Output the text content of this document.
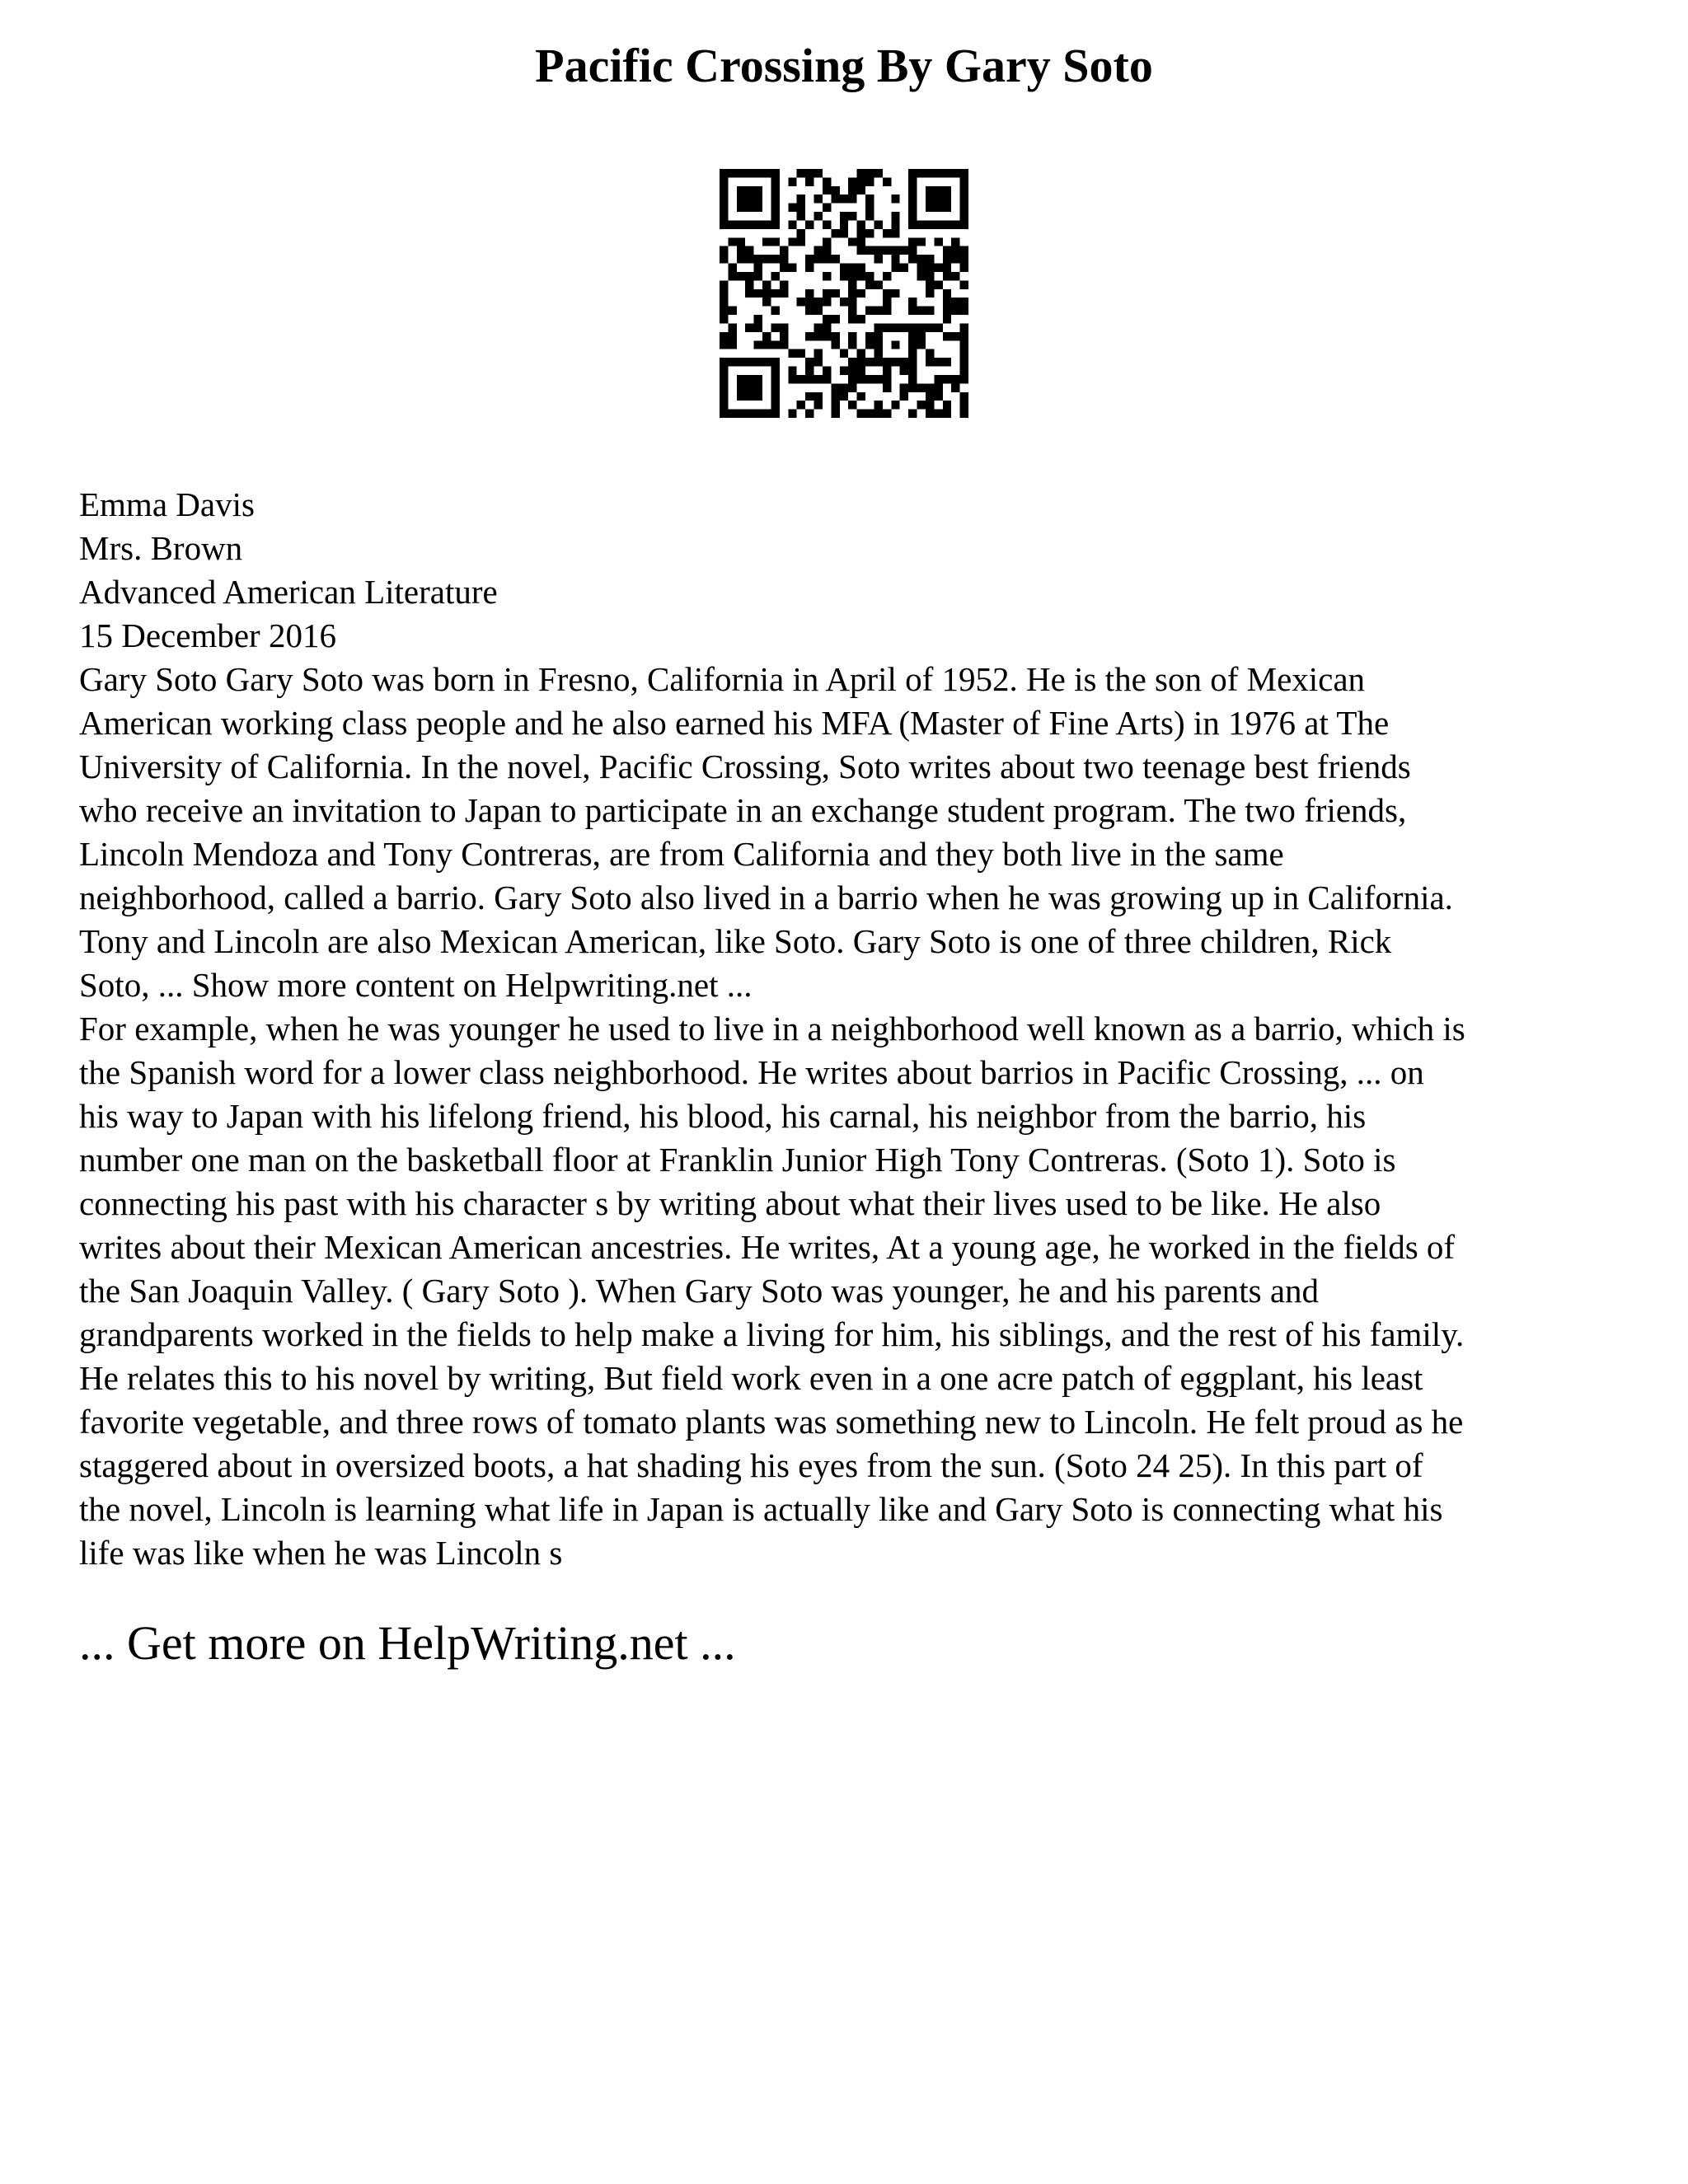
Pacific Crossing By Gary Soto
Emma Davis
Mrs. Brown
Advanced American Literature
15 December 2016
Gary Soto Gary Soto was born in Fresno, California in April of 1952. He is the son of Mexican
American working class people and he also earned his MFA (Master of Fine Arts) in 1976 at The
University of California. In the novel, Pacific Crossing, Soto writes about two teenage best friends
who receive an invitation to Japan to participate in an exchange student program. The two friends,
Lincoln Mendoza and Tony Contreras, are from California and they both live in the same
neighborhood, called a barrio. Gary Soto also lived in a barrio when he was growing up in California.
Tony and Lincoln are also Mexican American, like Soto. Gary Soto is one of three children, Rick
Soto, ... Show more content on Helpwriting.net ...
For example, when he was younger he used to live in a neighborhood well known as a barrio, which is
the Spanish word for a lower class neighborhood. He writes about barrios in Pacific Crossing, ... on
his way to Japan with his lifelong friend, his blood, his carnal, his neighbor from the barrio, his
number one man on the basketball floor at Franklin Junior High Tony Contreras. (Soto 1). Soto is
connecting his past with his character s by writing about what their lives used to be like. He also
writes about their Mexican American ancestries. He writes, At a young age, he worked in the fields of
the San Joaquin Valley. ( Gary Soto ). When Gary Soto was younger, he and his parents and
grandparents worked in the fields to help make a living for him, his siblings, and the rest of his family.
He relates this to his novel by writing, But field work even in a one acre patch of eggplant, his least
favorite vegetable, and three rows of tomato plants was something new to Lincoln. He felt proud as he
staggered about in oversized boots, a hat shading his eyes from the sun. (Soto 24 25). In this part of
the novel, Lincoln is learning what life in Japan is actually like and Gary Soto is connecting what his
life was like when he was Lincoln s
... Get more on HelpWriting.net ...
